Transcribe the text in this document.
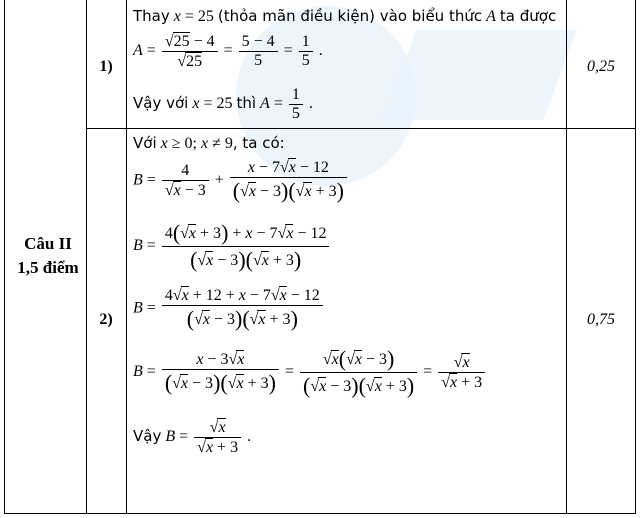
Câu II
1,5 điểm
1)	0,25
2)	0,75
Thay x = 25 (thỏa mãn điều kiện) vào biểu thức A ta được
$A = \frac{√25 - 4}{√25} = \frac{5 - 4}{5} = \frac{1}{5}$ .
Vậy với x = 25 thì $A = \frac{1}{5}$ .
Với x ≥ 0; x ≠ 9, ta có:
$B = \frac{4}{√x - 3} + \frac{x - 7√x - 12}{(√x - 3)(√x + 3)}$
$B = \frac{4(√x + 3) + x - 7√x - 12}{(√x - 3)(√x + 3)}$
$B = \frac{4√x + 12 + x - 7√x - 12}{(√x - 3)(√x + 3)}$
$B = \frac{x - 3√x}{(√x - 3)(√x + 3)} = \frac{√x(√x - 3)}{(√x - 3)(√x + 3)} = \frac{√x}{√x + 3}$
Vậy $B = \frac{√x}{√x + 3}$ .
